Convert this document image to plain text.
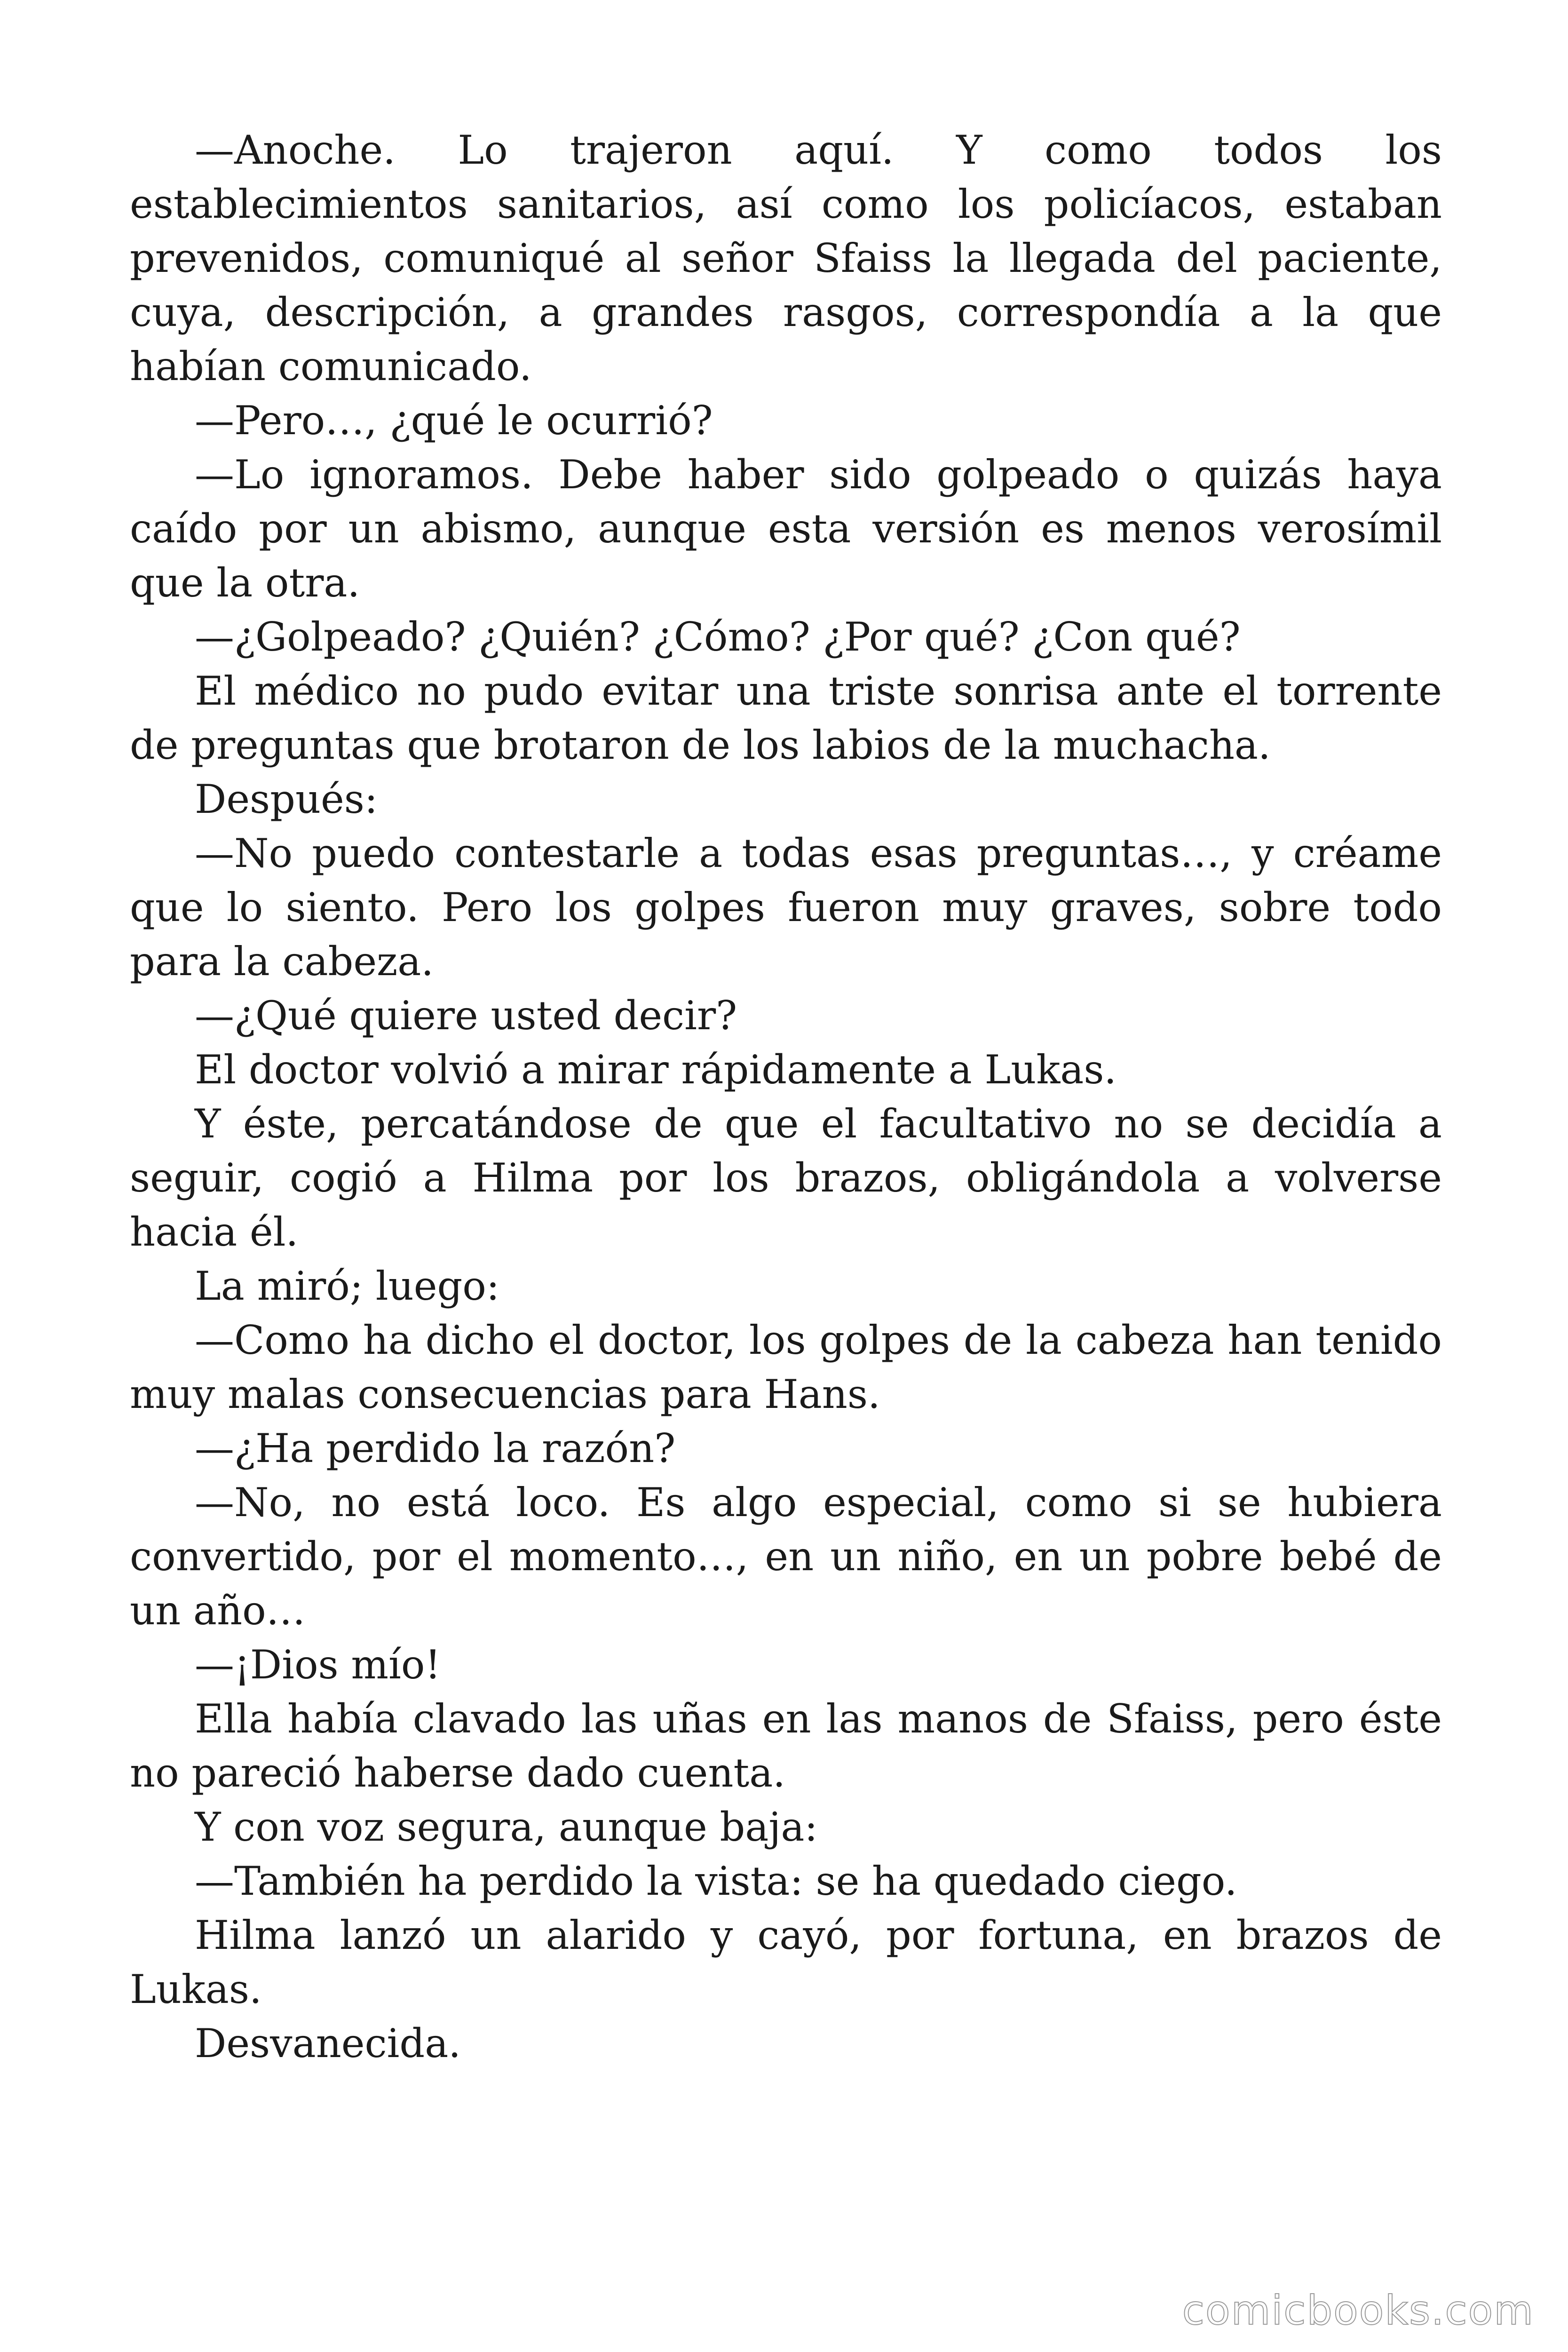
—Anoche. Lo trajeron aquí. Y como todos los establecimientos sanitarios, así como los policíacos, estaban prevenidos, comuniqué al señor Sfaiss la llegada del paciente, cuya, descripción, a grandes rasgos, correspondía a la que habían comunicado.

—Pero…, ¿qué le ocurrió?

—Lo ignoramos. Debe haber sido golpeado o quizás haya caído por un abismo, aunque esta versión es menos verosímil que la otra.

—¿Golpeado? ¿Quién? ¿Cómo? ¿Por qué? ¿Con qué?

El médico no pudo evitar una triste sonrisa ante el torrente de preguntas que brotaron de los labios de la muchacha.

Después:

—No puedo contestarle a todas esas preguntas…, y créame que lo siento. Pero los golpes fueron muy graves, sobre todo para la cabeza.

—¿Qué quiere usted decir?

El doctor volvió a mirar rápidamente a Lukas.

Y éste, percatándose de que el facultativo no se decidía a seguir, cogió a Hilma por los brazos, obligándola a volverse hacia él.

La miró; luego:

—Como ha dicho el doctor, los golpes de la cabeza han tenido muy malas consecuencias para Hans.

—¿Ha perdido la razón?

—No, no está loco. Es algo especial, como si se hubiera convertido, por el momento…, en un niño, en un pobre bebé de un año…

—¡Dios mío!

Ella había clavado las uñas en las manos de Sfaiss, pero éste no pareció haberse dado cuenta.

Y con voz segura, aunque baja:

—También ha perdido la vista: se ha quedado ciego.

Hilma lanzó un alarido y cayó, por fortuna, en brazos de Lukas.

Desvanecida.

comicbooks.com
